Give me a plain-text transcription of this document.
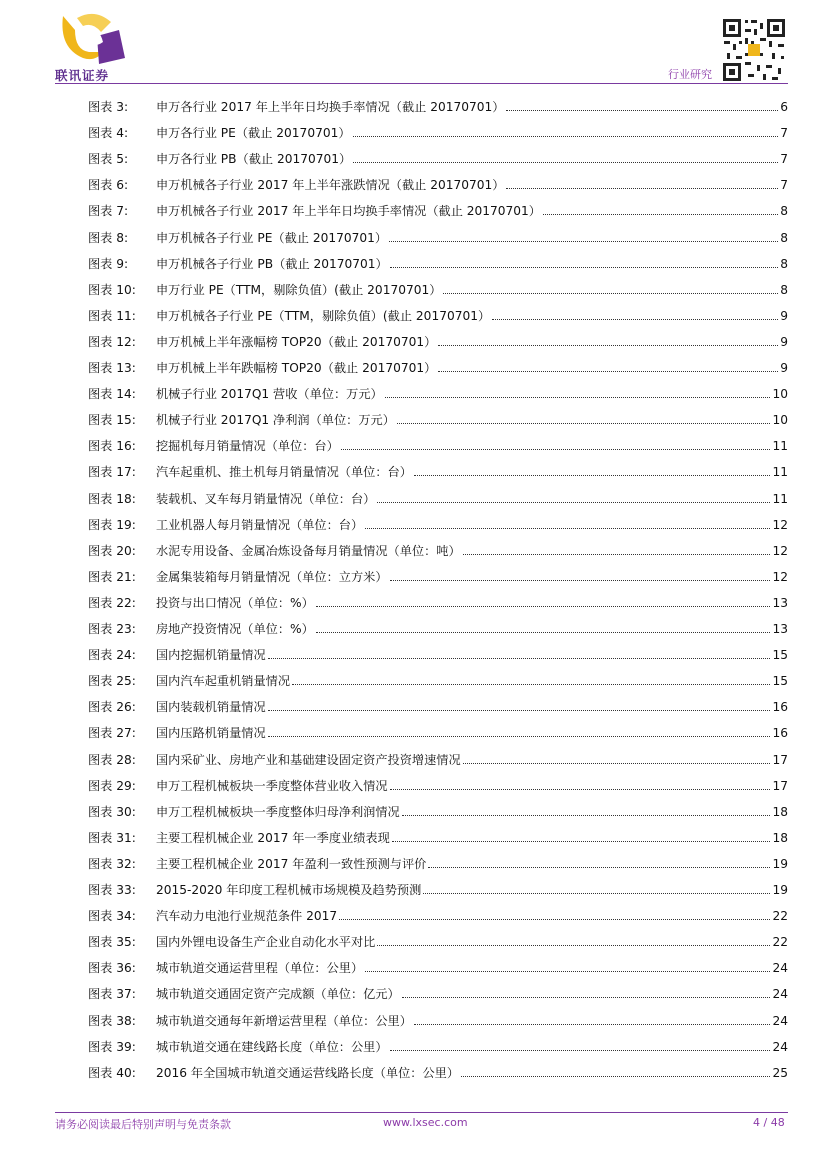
联讯证券	行业研究
图表 3:	申万各行业 2017 年上半年日均换手率情况（截止 20170701）	6
图表 4:	申万各行业 PE（截止 20170701）	7
图表 5:	申万各行业 PB（截止 20170701）	7
图表 6:	申万机械各子行业 2017 年上半年涨跌情况（截止 20170701）	7
图表 7:	申万机械各子行业 2017 年上半年日均换手率情况（截止 20170701）	8
图表 8:	申万机械各子行业 PE（截止 20170701）	8
图表 9:	申万机械各子行业 PB（截止 20170701）	8
图表 10:	申万行业 PE（TTM，剔除负值）(截止 20170701）	8
图表 11:	申万机械各子行业 PE（TTM，剔除负值）(截止 20170701）	9
图表 12:	申万机械上半年涨幅榜 TOP20（截止 20170701）	9
图表 13:	申万机械上半年跌幅榜 TOP20（截止 20170701）	9
图表 14:	机械子行业 2017Q1 营收（单位：万元）	10
图表 15:	机械子行业 2017Q1 净利润（单位：万元）	10
图表 16:	挖掘机每月销量情况（单位：台）	11
图表 17:	汽车起重机、推土机每月销量情况（单位：台）	11
图表 18:	装载机、叉车每月销量情况（单位：台）	11
图表 19:	工业机器人每月销量情况（单位：台）	12
图表 20:	水泥专用设备、金属冶炼设备每月销量情况（单位：吨）	12
图表 21:	金属集装箱每月销量情况（单位：立方米）	12
图表 22:	投资与出口情况（单位：%）	13
图表 23:	房地产投资情况（单位：%）	13
图表 24:	国内挖掘机销量情况	15
图表 25:	国内汽车起重机销量情况	15
图表 26:	国内装载机销量情况	16
图表 27:	国内压路机销量情况	16
图表 28:	国内采矿业、房地产业和基础建设固定资产投资增速情况	17
图表 29:	申万工程机械板块一季度整体营业收入情况	17
图表 30:	申万工程机械板块一季度整体归母净利润情况	18
图表 31:	主要工程机械企业 2017 年一季度业绩表现	18
图表 32:	主要工程机械企业 2017 年盈利一致性预测与评价	19
图表 33:	2015-2020 年印度工程机械市场规模及趋势预测	19
图表 34:	汽车动力电池行业规范条件 2017	22
图表 35:	国内外锂电设备生产企业自动化水平对比	22
图表 36:	城市轨道交通运营里程（单位：公里）	24
图表 37:	城市轨道交通固定资产完成额（单位：亿元）	24
图表 38:	城市轨道交通每年新增运营里程（单位：公里）	24
图表 39:	城市轨道交通在建线路长度（单位：公里）	24
图表 40:	2016 年全国城市轨道交通运营线路长度（单位：公里）	25
请务必阅读最后特别声明与免责条款	www.lxsec.com	4 / 48
